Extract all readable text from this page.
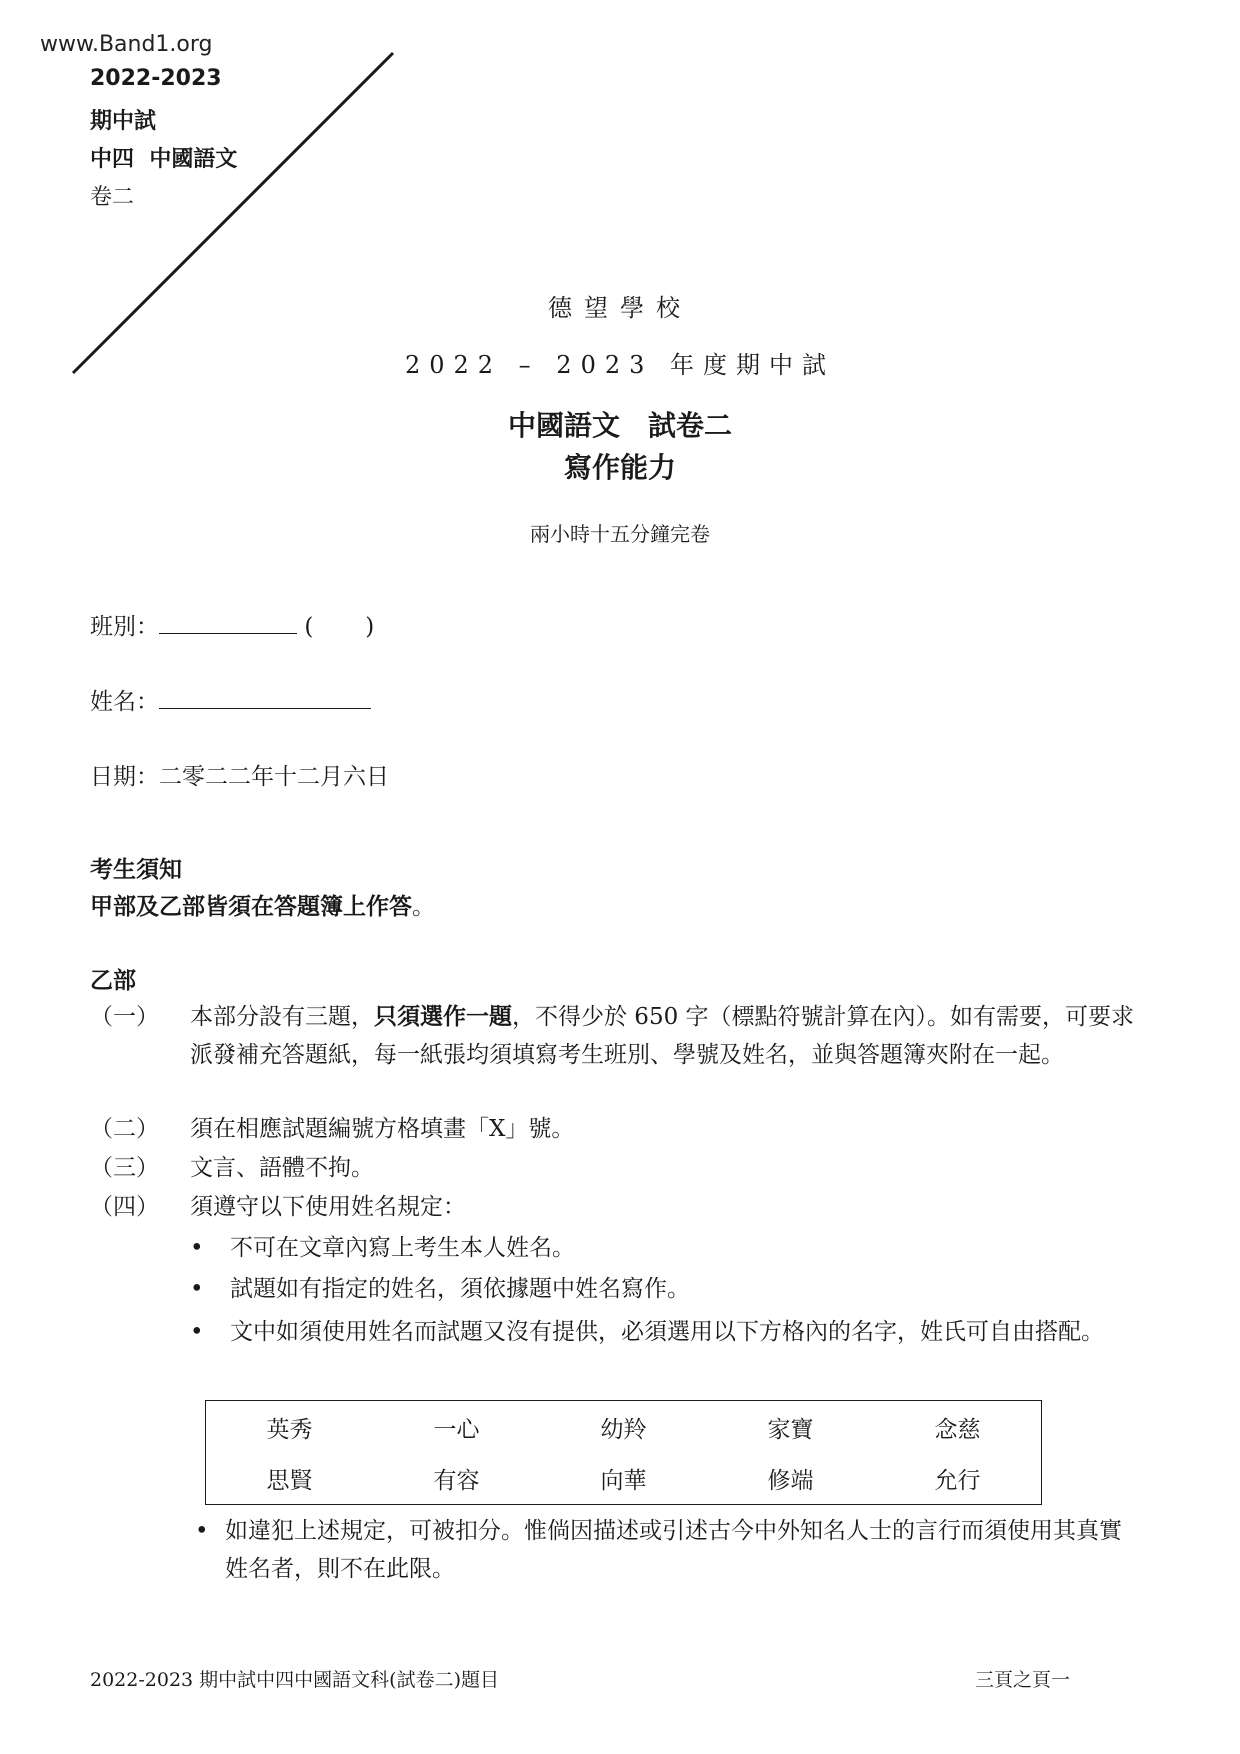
www.Band1.org
2022-2023
期中試
中四  中國語文
卷二
德望學校
2022 – 2023 年度期中試
中國語文　試卷二
寫作能力
兩小時十五分鐘完卷
班別：	( )
姓名：
日期：二零二二年十二月六日
考生須知
甲部及乙部皆須在答題簿上作答。
乙部
（一）	本部分設有三題，只須選作一題，不得少於 650 字（標點符號計算在內）。如有需要，可要求派發補充答題紙，每一紙張均須填寫考生班別、學號及姓名，並與答題簿夾附在一起。
（二）	須在相應試題編號方格填畫「X」號。
（三）	文言、語體不拘。
（四）	須遵守以下使用姓名規定：
• 不可在文章內寫上考生本人姓名。
• 試題如有指定的姓名，須依據題中姓名寫作。
• 文中如須使用姓名而試題又沒有提供，必須選用以下方格內的名字，姓氏可自由搭配。
英秀	一心	幼羚	家寶	念慈
思賢	有容	向華	修端	允行
• 如違犯上述規定，可被扣分。惟倘因描述或引述古今中外知名人士的言行而須使用其真實姓名者，則不在此限。
2022-2023 期中試中四中國語文科(試卷二)題目	三頁之頁一
